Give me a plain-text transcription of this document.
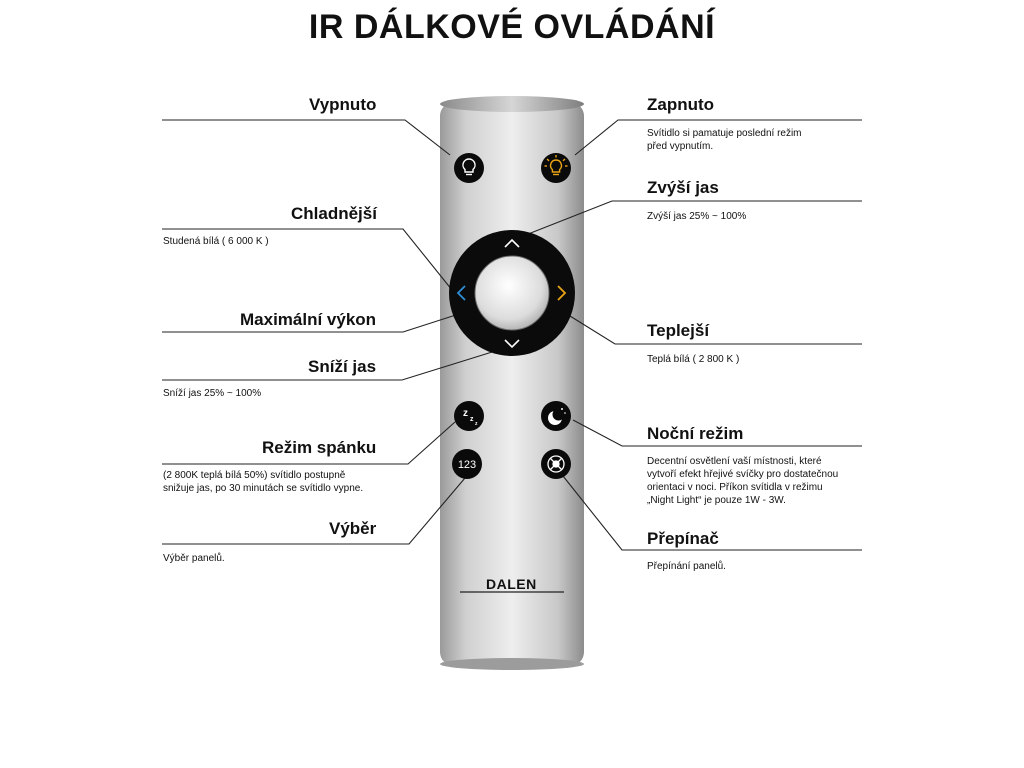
IR DÁLKOVÉ OVLÁDÁNÍ
z
z
z
123
Vypnuto
Chladnější
Studená bílá ( 6 000 K )
Maximální výkon
Sníží jas
Sníží jas 25% ~ 100%
Režim spánku
(2 800K teplá bílá 50%) svítidlo postupně
snižuje jas, po 30 minutách se svítidlo vypne.
Výběr
Výběr panelů.
Zapnuto
Svítidlo si pamatuje poslední režim
před vypnutím.
Zvýší jas
Zvýší jas 25% ~ 100%
Teplejší
Teplá bílá ( 2 800 K )
Noční režim
Decentní osvětlení vaší místnosti, které
vytvoří efekt hřejivé svíčky pro dostatečnou
orientaci v noci. Příkon svítidla v režimu
„Night Light“ je pouze 1W - 3W.
Přepínač
Přepínání panelů.
DALEN
